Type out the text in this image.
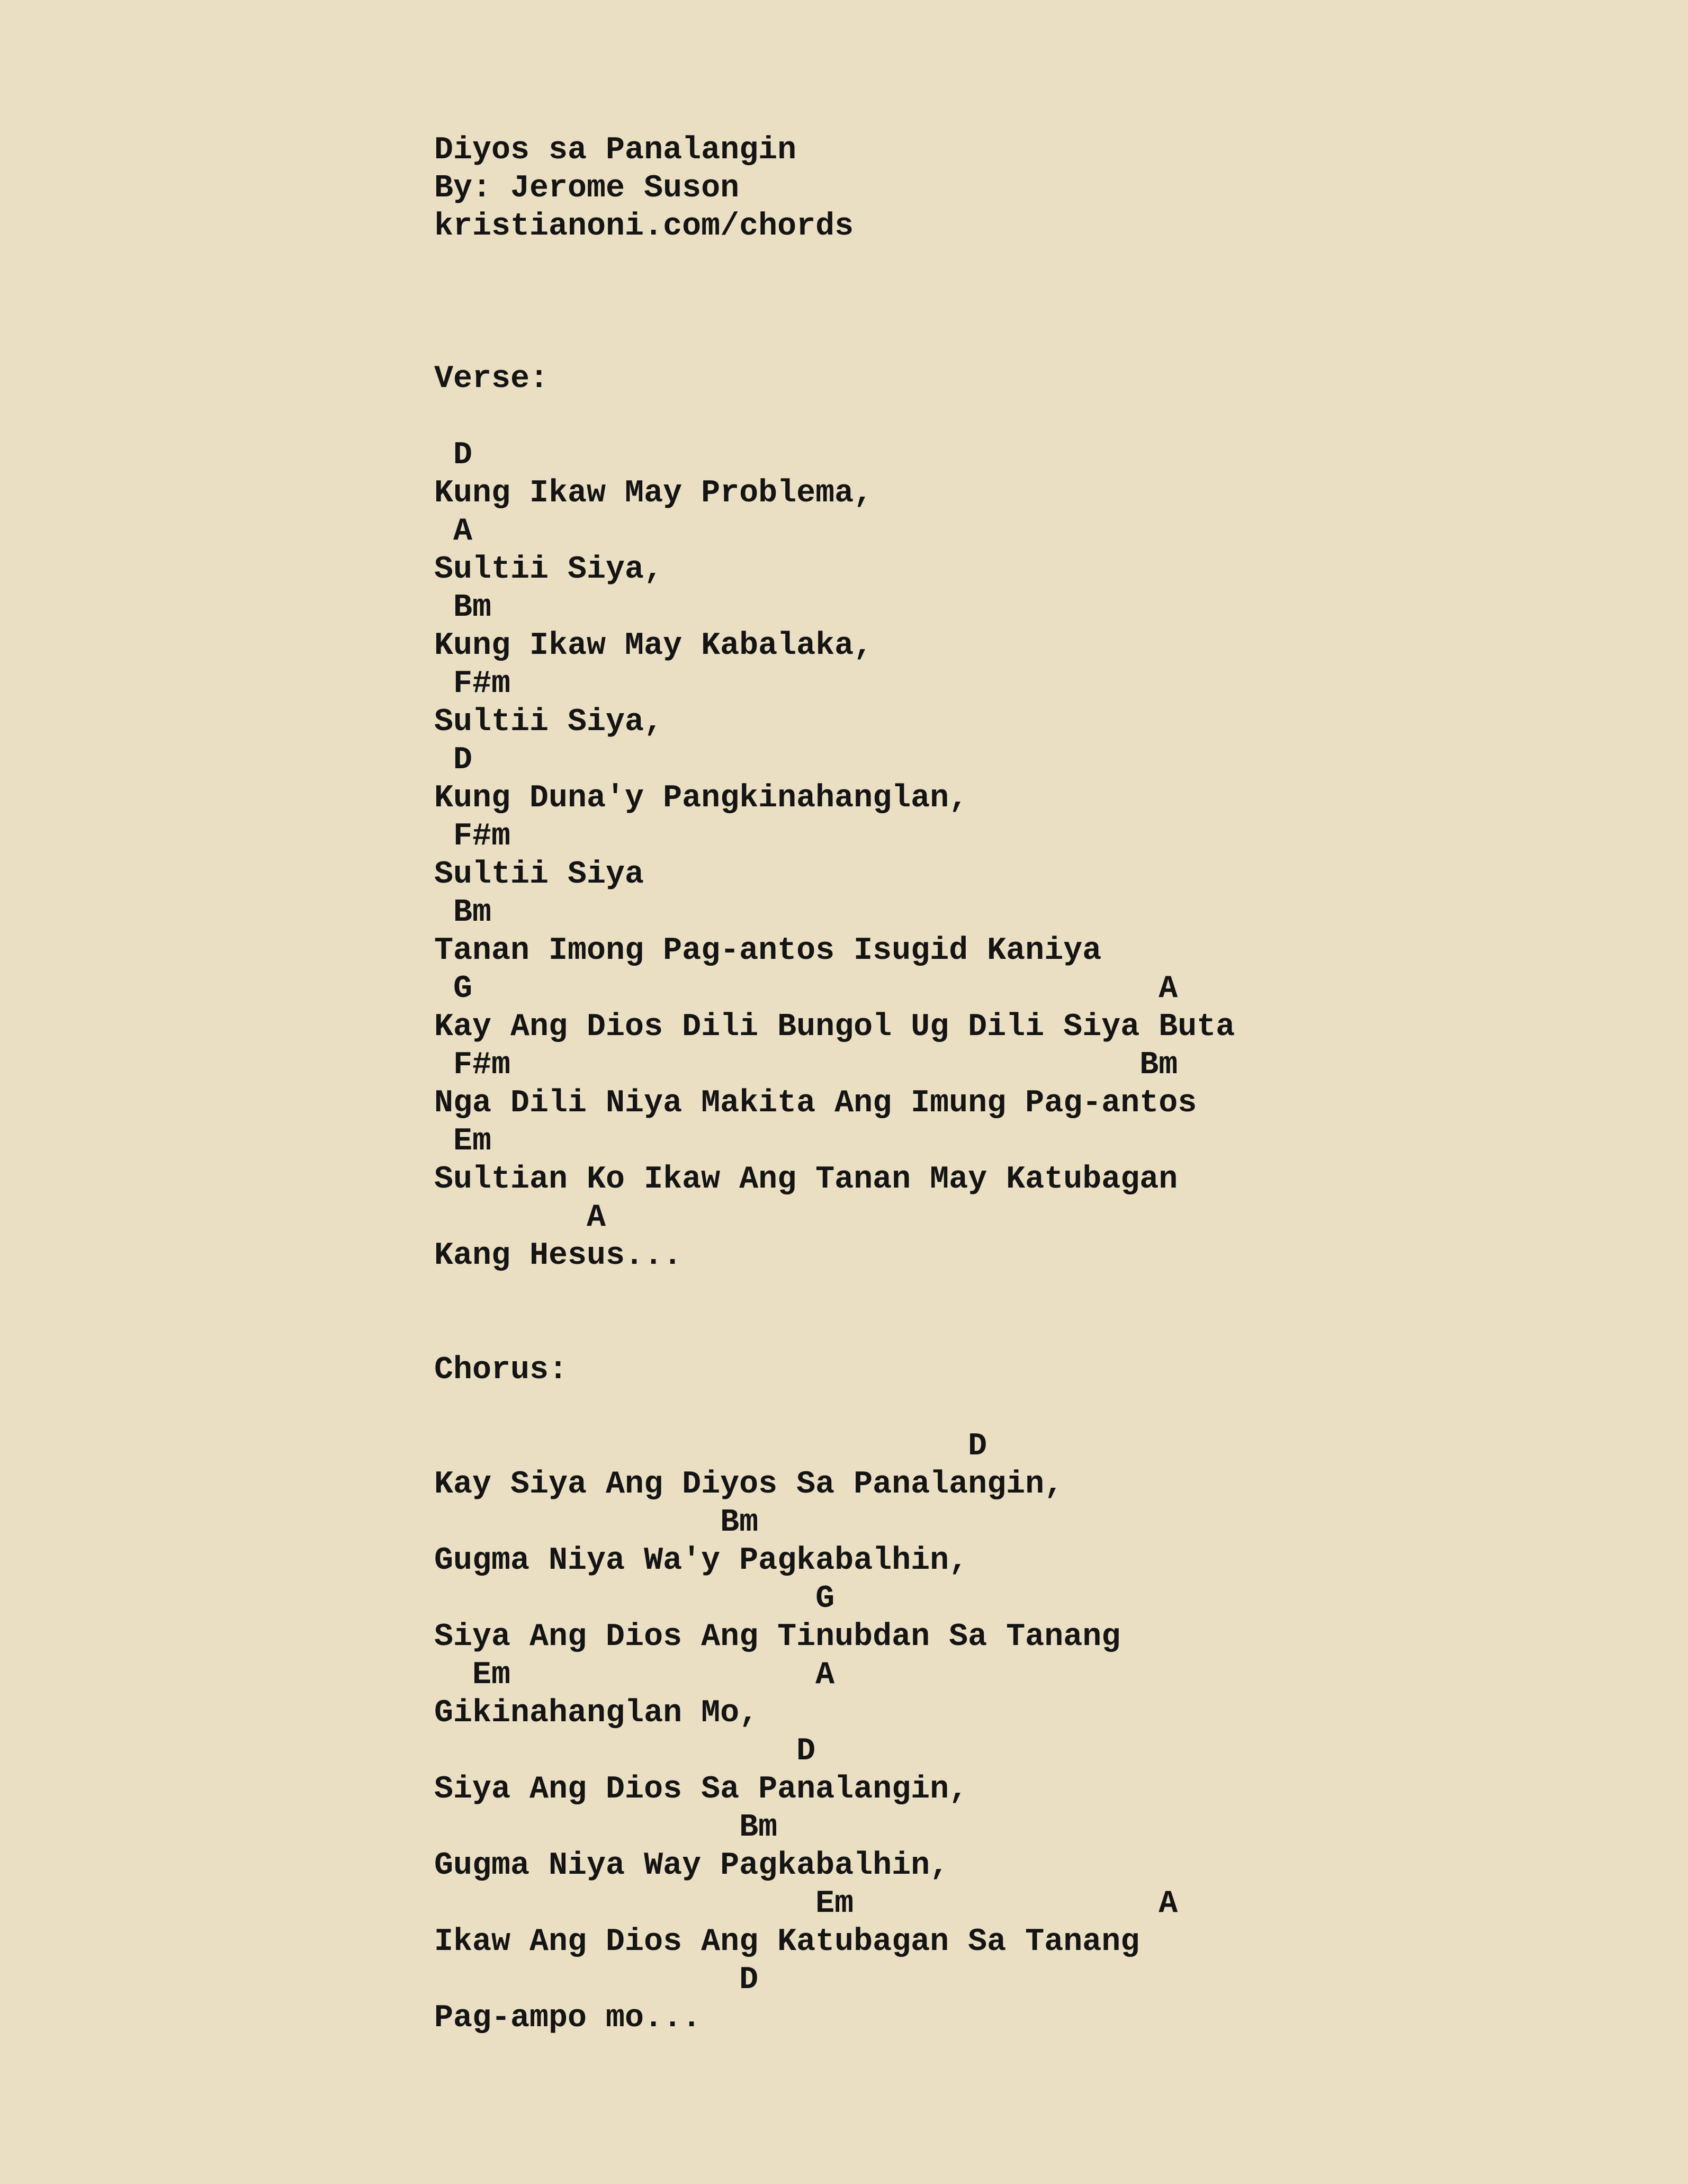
Diyos sa Panalangin
By: Jerome Suson
kristianoni.com/chords
Verse:
D
Kung Ikaw May Problema,
A
Sultii Siya,
Bm
Kung Ikaw May Kabalaka,
F#m
Sultii Siya,
D
Kung Duna'y Pangkinahanglan,
F#m
Sultii Siya
Bm
Tanan Imong Pag-antos Isugid Kaniya
G                                    A
Kay Ang Dios Dili Bungol Ug Dili Siya Buta
F#m                                 Bm
Nga Dili Niya Makita Ang Imung Pag-antos
Em
Sultian Ko Ikaw Ang Tanan May Katubagan
A
Kang Hesus...
Chorus:
D
Kay Siya Ang Diyos Sa Panalangin,
Bm
Gugma Niya Wa'y Pagkabalhin,
G
Siya Ang Dios Ang Tinubdan Sa Tanang
Em                A
Gikinahanglan Mo,
D
Siya Ang Dios Sa Panalangin,
Bm
Gugma Niya Way Pagkabalhin,
Em                A
Ikaw Ang Dios Ang Katubagan Sa Tanang
D
Pag-ampo mo...
